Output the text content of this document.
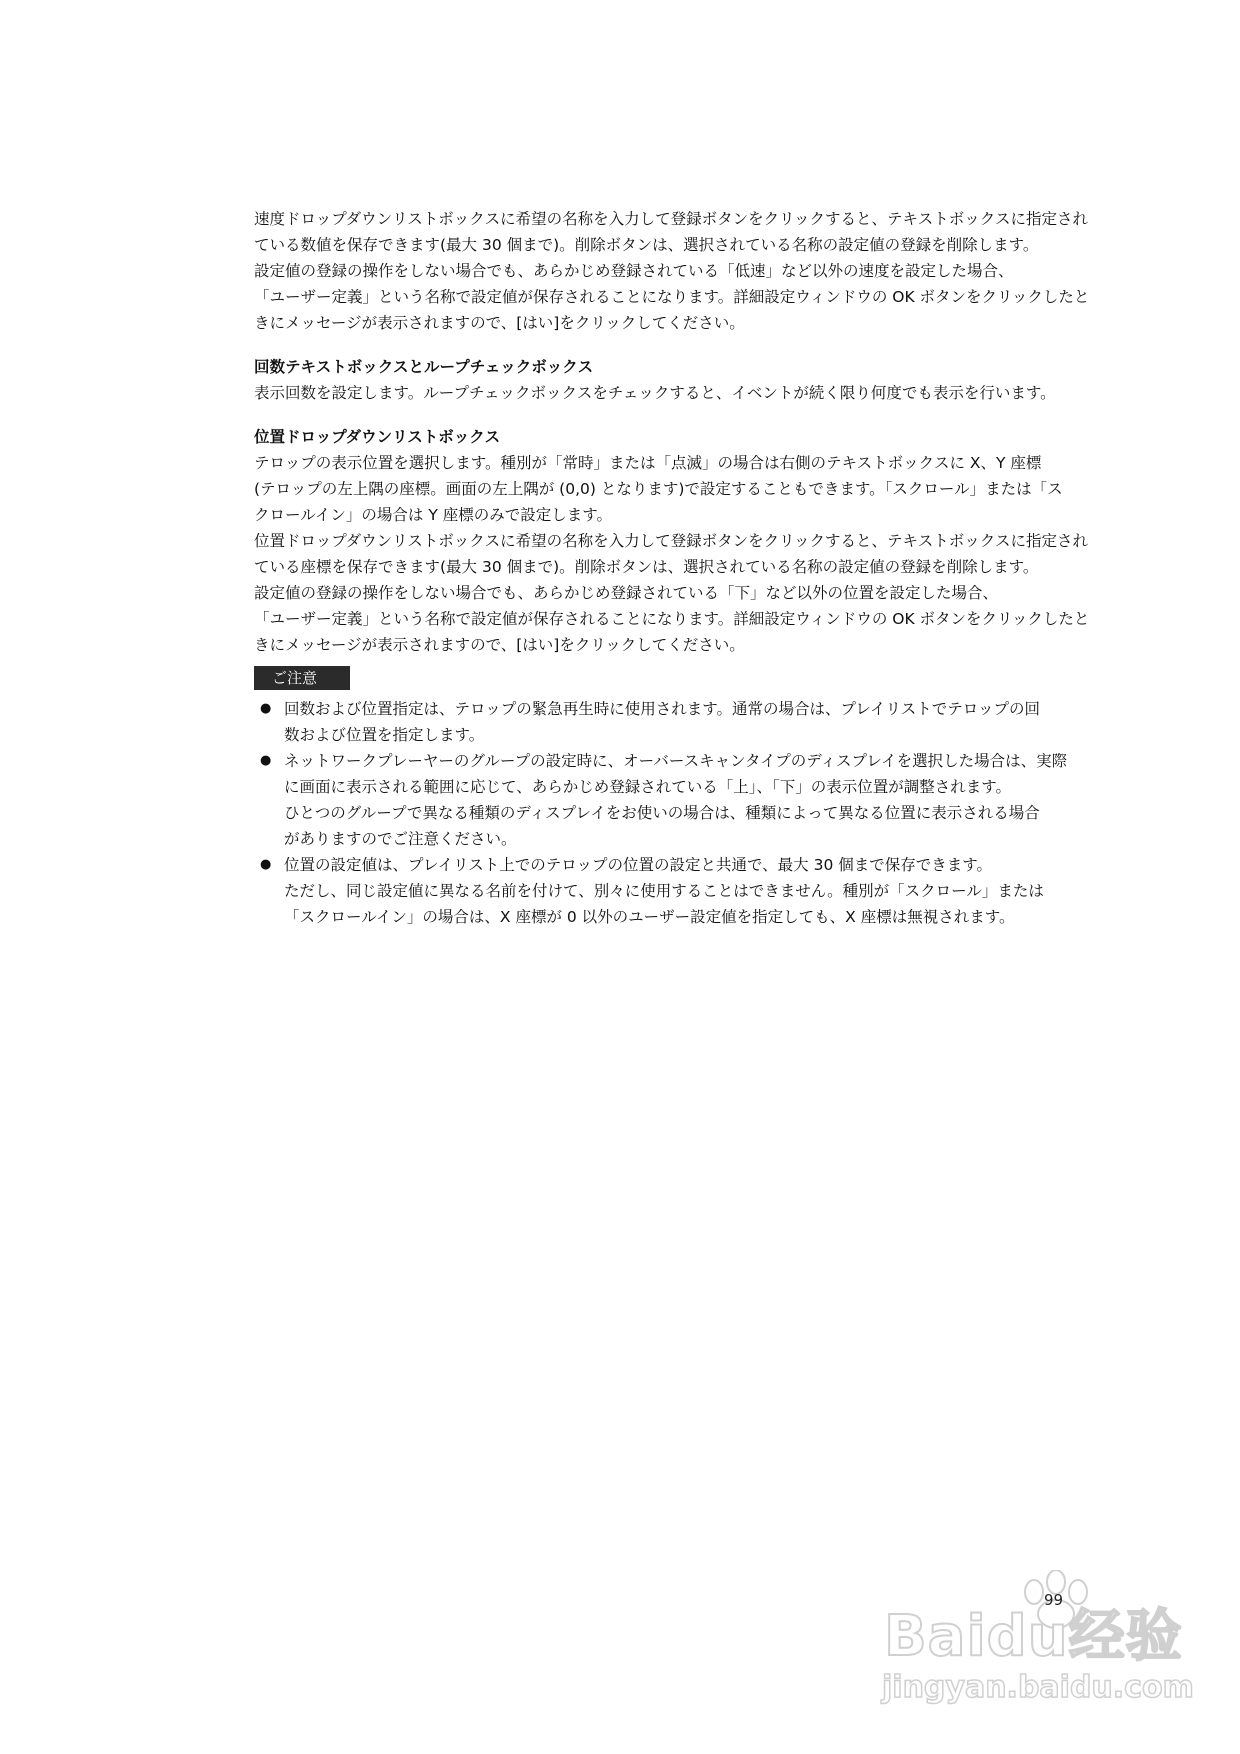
速度ドロップダウンリストボックスに希望の名称を入力して登録ボタンをクリックすると、テキストボックスに指定され
ている数値を保存できます(最大 30 個まで)。削除ボタンは、選択されている名称の設定値の登録を削除します。
設定値の登録の操作をしない場合でも、あらかじめ登録されている「低速」など以外の速度を設定した場合、
「ユーザー定義」という名称で設定値が保存されることになります。詳細設定ウィンドウの OK ボタンをクリックしたと
きにメッセージが表示されますので、[はい]をクリックしてください。

回数テキストボックスとループチェックボックス

表示回数を設定します。ループチェックボックスをチェックすると、イベントが続く限り何度でも表示を行います。

位置ドロップダウンリストボックス

テロップの表示位置を選択します。種別が「常時」または「点滅」の場合は右側のテキストボックスに X、Y 座標
(テロップの左上隅の座標。画面の左上隅が (0,0) となります)で設定することもできます。「スクロール」または「ス
クロールイン」の場合は Y 座標のみで設定します。
位置ドロップダウンリストボックスに希望の名称を入力して登録ボタンをクリックすると、テキストボックスに指定され
ている座標を保存できます(最大 30 個まで)。削除ボタンは、選択されている名称の設定値の登録を削除します。
設定値の登録の操作をしない場合でも、あらかじめ登録されている「下」など以外の位置を設定した場合、
「ユーザー定義」という名称で設定値が保存されることになります。詳細設定ウィンドウの OK ボタンをクリックしたと
きにメッセージが表示されますので、[はい]をクリックしてください。

ご注意
● 回数および位置指定は、テロップの緊急再生時に使用されます。通常の場合は、プレイリストでテロップの回
数および位置を指定します。
● ネットワークプレーヤーのグループの設定時に、オーバースキャンタイプのディスプレイを選択した場合は、実際
に画面に表示される範囲に応じて、あらかじめ登録されている「上」、「下」の表示位置が調整されます。
ひとつのグループで異なる種類のディスプレイをお使いの場合は、種類によって異なる位置に表示される場合
がありますのでご注意ください。
● 位置の設定値は、プレイリスト上でのテロップの位置の設定と共通で、最大 30 個まで保存できます。
ただし、同じ設定値に異なる名前を付けて、別々に使用することはできません。種別が「スクロール」または
「スクロールイン」の場合は、X 座標が 0 以外のユーザー設定値を指定しても、X 座標は無視されます。
Baidu经验
jingyan.baidu.com
99
